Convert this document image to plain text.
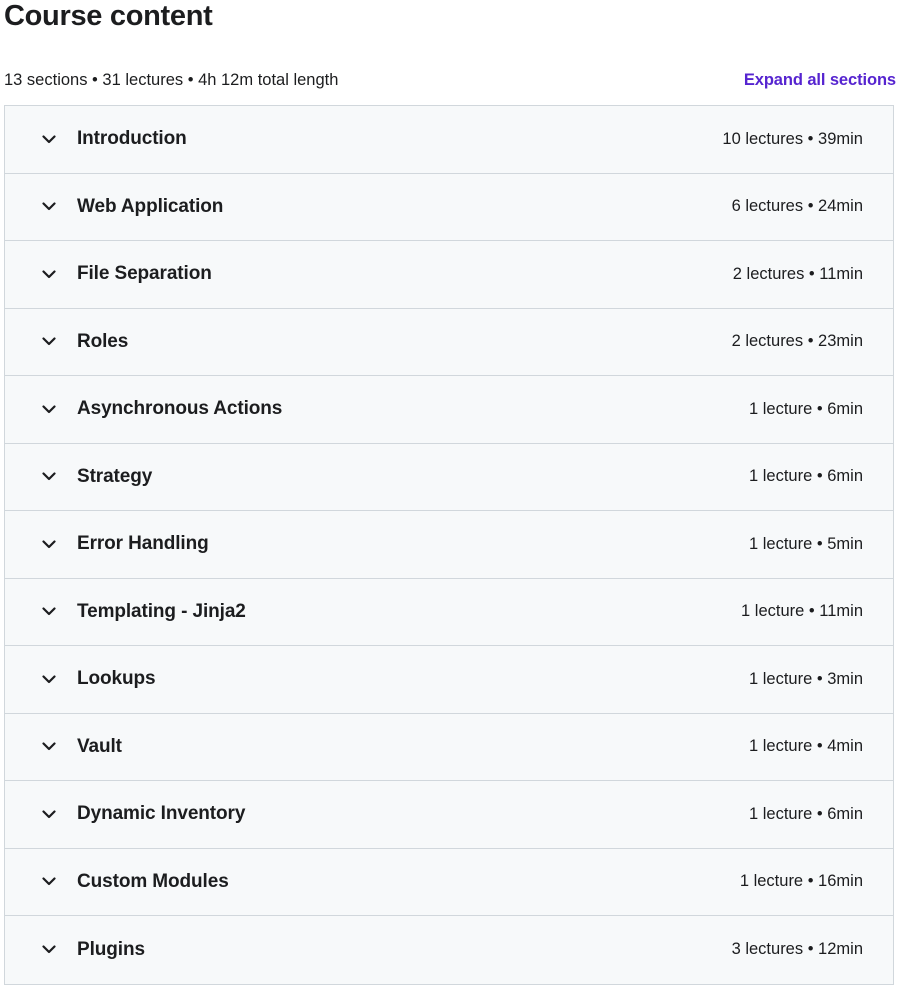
Course content
13 sections • 31 lectures • 4h 12m total length	Expand all sections
Introduction	10 lectures • 39min
Web Application	6 lectures • 24min
File Separation	2 lectures • 11min
Roles	2 lectures • 23min
Asynchronous Actions	1 lecture • 6min
Strategy	1 lecture • 6min
Error Handling	1 lecture • 5min
Templating - Jinja2	1 lecture • 11min
Lookups	1 lecture • 3min
Vault	1 lecture • 4min
Dynamic Inventory	1 lecture • 6min
Custom Modules	1 lecture • 16min
Plugins	3 lectures • 12min
